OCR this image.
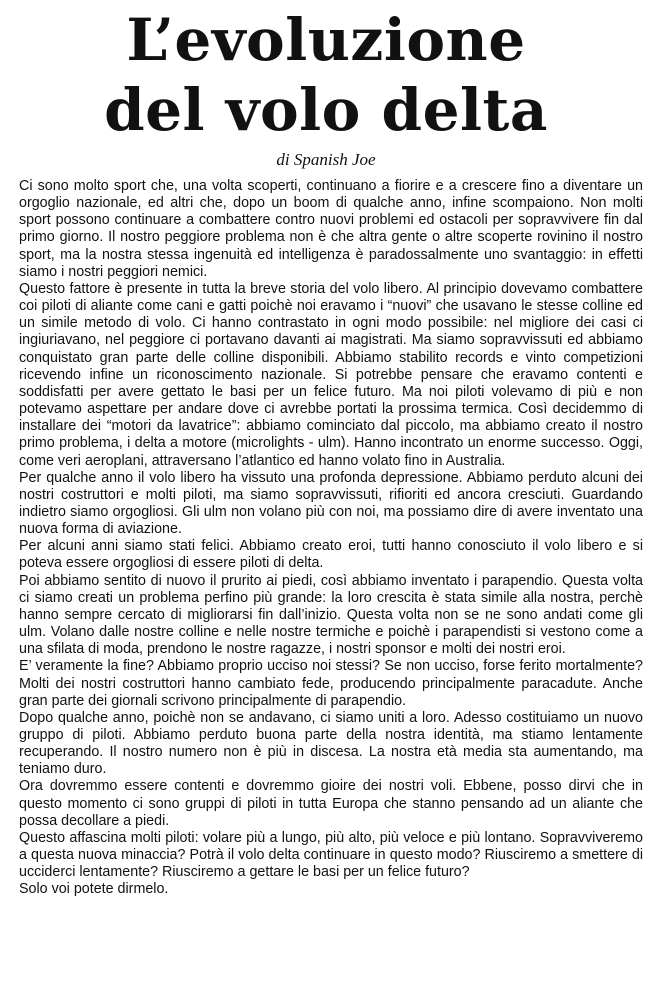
L’evoluzione
del volo delta
di Spanish Joe

Ci sono molto sport che, una volta scoperti, continuano a fiorire e a crescere fino a diventare un orgoglio nazionale, ed altri che, dopo un boom di qualche anno, infine scompaiono. Non molti sport possono continuare a combattere contro nuovi problemi ed ostacoli per sopravvivere fin dal primo giorno. Il nostro peggiore problema non è che altra gente o altre scoperte rovinino il nostro sport, ma la nostra stessa ingenuità ed intelligenza è paradossalmente uno svantaggio: in effetti siamo i nostri peggiori nemici.

Questo fattore è presente in tutta la breve storia del volo libero. Al principio dovevamo combattere coi piloti di aliante come cani e gatti poichè noi eravamo i “nuovi” che usavano le stesse colline ed un simile metodo di volo. Ci hanno contrastato in ogni modo possibile: nel migliore dei casi ci ingiuriavano, nel peggiore ci portavano davanti ai magistrati. Ma siamo sopravvissuti ed abbiamo conquistato gran parte delle colline disponibili. Abbiamo stabilito records e vinto competizioni ricevendo infine un riconoscimento nazionale. Si potrebbe pensare che eravamo contenti e soddisfatti per avere gettato le basi per un felice futuro. Ma noi piloti volevamo di più e non potevamo aspettare per andare dove ci avrebbe portati la prossima termica. Così decidemmo di installare dei “motori da lavatrice”: abbiamo cominciato dal piccolo, ma abbiamo creato il nostro primo problema, i delta a motore (microlights - ulm). Hanno incontrato un enorme successo. Oggi, come veri aeroplani, attraversano l’atlantico ed hanno volato fino in Australia.

Per qualche anno il volo libero ha vissuto una profonda depressione. Abbiamo perduto alcuni dei nostri costruttori e molti piloti, ma siamo sopravvissuti, rifioriti ed ancora cresciuti. Guardando indietro siamo orgogliosi. Gli ulm non volano più con noi, ma possiamo dire di avere inventato una nuova forma di aviazione.

Per alcuni anni siamo stati felici. Abbiamo creato eroi, tutti hanno conosciuto il volo libero e si poteva essere orgogliosi di essere piloti di delta.

Poi abbiamo sentito di nuovo il prurito ai piedi, così abbiamo inventato i parapendio. Questa volta ci siamo creati un problema perfino più grande: la loro crescita è stata simile alla nostra, perchè hanno sempre cercato di migliorarsi fin dall’inizio. Questa volta non se ne sono andati come gli ulm. Volano dalle nostre colline e nelle nostre termiche e poichè i parapendisti si vestono come a una sfilata di moda, prendono le nostre ragazze, i nostri sponsor e molti dei nostri eroi.

E’ veramente la fine? Abbiamo proprio ucciso noi stessi? Se non ucciso, forse ferito mortalmente? Molti dei nostri costruttori hanno cambiato fede, producendo principalmente paracadute. Anche gran parte dei giornali scrivono principalmente di parapendio.

Dopo qualche anno, poichè non se andavano, ci siamo uniti a loro. Adesso costituiamo un nuovo gruppo di piloti. Abbiamo perduto buona parte della nostra identità, ma stiamo lentamente recuperando. Il nostro numero non è più in discesa. La nostra età media sta aumentando, ma teniamo duro.

Ora dovremmo essere contenti e dovremmo gioire dei nostri voli. Ebbene, posso dirvi che in questo momento ci sono gruppi di piloti in tutta Europa che stanno pensando ad un aliante che possa decollare a piedi.

Questo affascina molti piloti: volare più a lungo, più alto, più veloce e più lontano. Sopravviveremo a questa nuova minaccia? Potrà il volo delta continuare in questo modo? Riusciremo a smettere di ucciderci lentamente? Riusciremo a gettare le basi per un felice futuro?

Solo voi potete dirmelo.
